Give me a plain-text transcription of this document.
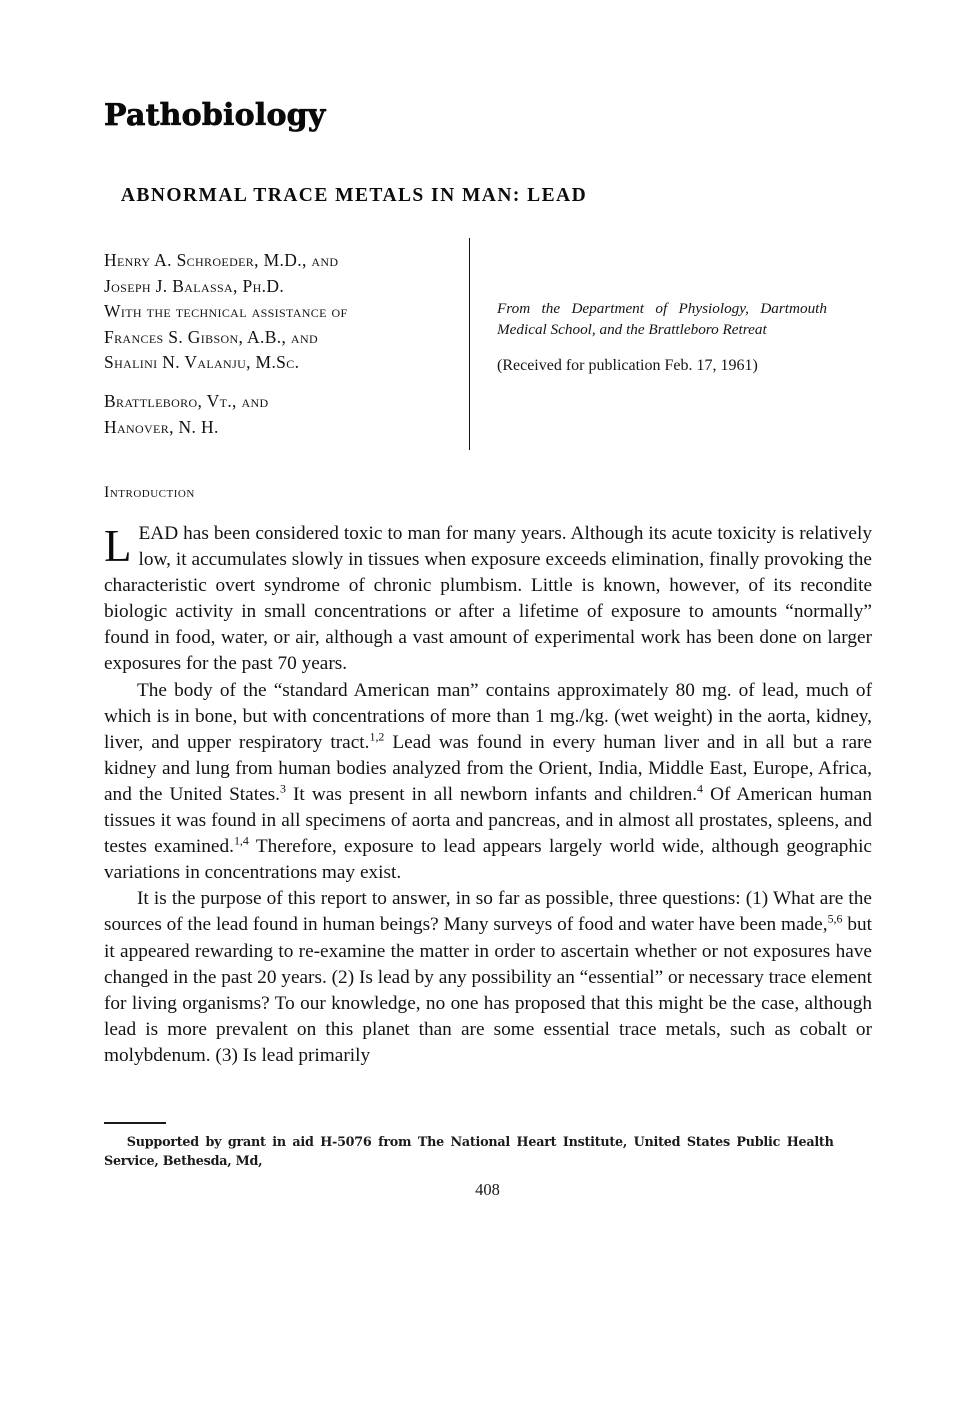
Pathobiology
ABNORMAL TRACE METALS IN MAN: LEAD
Henry A. Schroeder, M.D., and
Joseph J. Balassa, Ph.D.
With the technical assistance of
Frances S. Gibson, A.B., and
Shalini N. Valanju, M.Sc.
Brattleboro, Vt., and
Hanover, N. H.
From the Department of Physiology, Dartmouth Medical School, and the Brattleboro Retreat
(Received for publication Feb. 17, 1961)
Introduction

LEAD has been considered toxic to man for many years. Although its acute toxicity is relatively low, it accumulates slowly in tissues when exposure exceeds elimination, finally provoking the characteristic overt syndrome of chronic plumbism. Little is known, however, of its recondite biologic activity in small concentrations or after a lifetime of exposure to amounts “normally” found in food, water, or air, although a vast amount of experimental work has been done on larger exposures for the past 70 years.

The body of the “standard American man” contains approximately 80 mg. of lead, much of which is in bone, but with concentrations of more than 1 mg./kg. (wet weight) in the aorta, kidney, liver, and upper respiratory tract.$^{1,2}$ Lead was found in every human liver and in all but a rare kidney and lung from human bodies analyzed from the Orient, India, Middle East, Europe, Africa, and the United States.$^3$ It was present in all newborn infants and children.$^4$ Of American human tissues it was found in all specimens of aorta and pancreas, and in almost all prostates, spleens, and testes examined.$^{1,4}$ Therefore, exposure to lead appears largely world wide, although geographic variations in concentrations may exist.

It is the purpose of this report to answer, in so far as possible, three questions: (1) What are the sources of the lead found in human beings? Many surveys of food and water have been made,$^{5,6}$ but it appeared rewarding to re-examine the matter in order to ascertain whether or not exposures have changed in the past 20 years. (2) Is lead by any possibility an “essential” or necessary trace element for living organisms? To our knowledge, no one has proposed that this might be the case, although lead is more prevalent on this planet than are some essential trace metals, such as cobalt or molybdenum. (3) Is lead primarily

Supported by grant in aid H-5076 from The National Heart Institute, United States Public Health Service, Bethesda, Md,
408
